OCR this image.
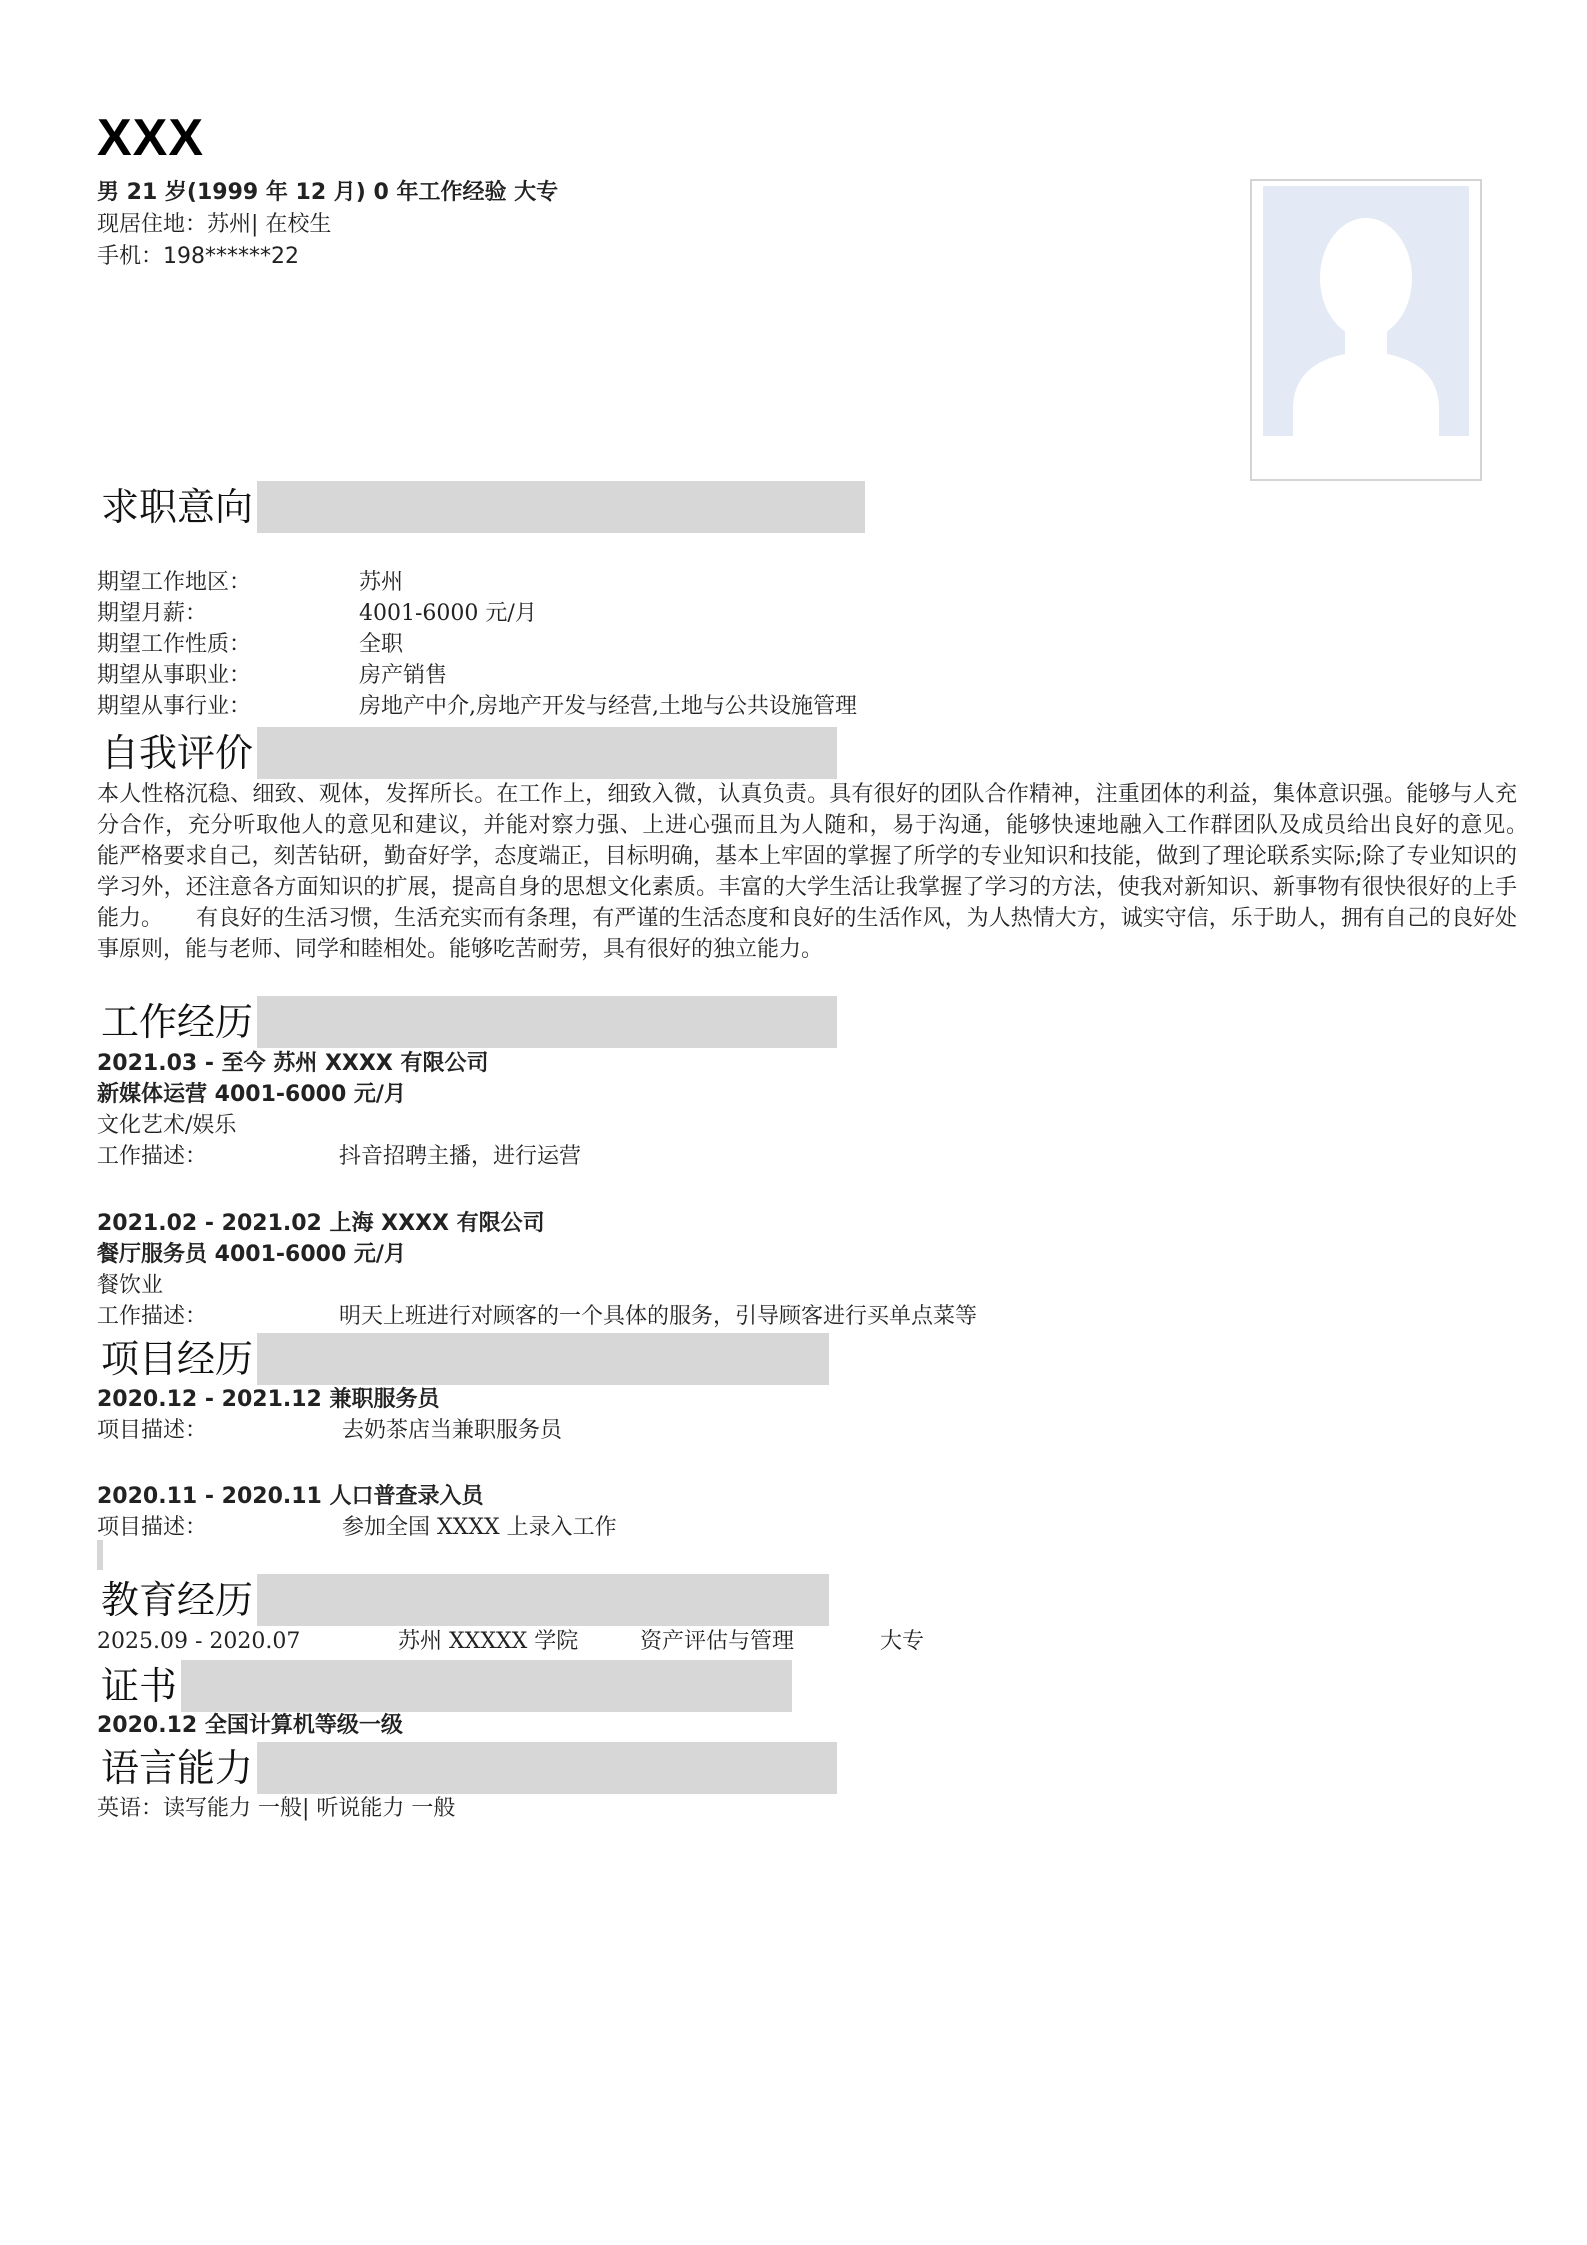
XXX
男 21 岁(1999 年 12 月) 0 年工作经验 大专
现居住地：苏州| 在校生
手机：198******22
求职意向
期望工作地区：	苏州
期望月薪：	4001-6000 元/月
期望工作性质：	全职
期望从事职业：	房产销售
期望从事行业：	房地产中介,房地产开发与经营,土地与公共设施管理
自我评价
本人性格沉稳、细致、观体，发挥所长。在工作上，细致入微，认真负责。具有很好的团队合作精神，注重团体的利益，集体意识强。能够与人充分合作，充分听取他人的意见和建议，并能对察力强、上进心强而且为人随和，易于沟通，能够快速地融入工作群团队及成员给出良好的意见。　　能严格要求自己，刻苦钻研，勤奋好学，态度端正，目标明确，基本上牢固的掌握了所学的专业知识和技能，做到了理论联系实际;除了专业知识的学习外，还注意各方面知识的扩展，提高自身的思想文化素质。丰富的大学生活让我掌握了学习的方法，使我对新知识、新事物有很快很好的上手能力。　　有良好的生活习惯，生活充实而有条理，有严谨的生活态度和良好的生活作风，为人热情大方，诚实守信，乐于助人，拥有自己的良好处事原则，能与老师、同学和睦相处。能够吃苦耐劳，具有很好的独立能力。
工作经历
2021.03 - 至今 苏州 XXXX 有限公司
新媒体运营 4001-6000 元/月
文化艺术/娱乐
工作描述：	抖音招聘主播，进行运营
2021.02 - 2021.02 上海 XXXX 有限公司
餐厅服务员 4001-6000 元/月
餐饮业
工作描述：	明天上班进行对顾客的一个具体的服务，引导顾客进行买单点菜等
项目经历
2020.12 - 2021.12 兼职服务员
项目描述：	去奶茶店当兼职服务员
2020.11 - 2020.11 人口普查录入员
项目描述：	参加全国 XXXX 上录入工作
教育经历
2025.09 - 2020.07	苏州 XXXXX 学院	资产评估与管理	大专
证书
2020.12 全国计算机等级一级
语言能力
英语：读写能力 一般| 听说能力 一般
